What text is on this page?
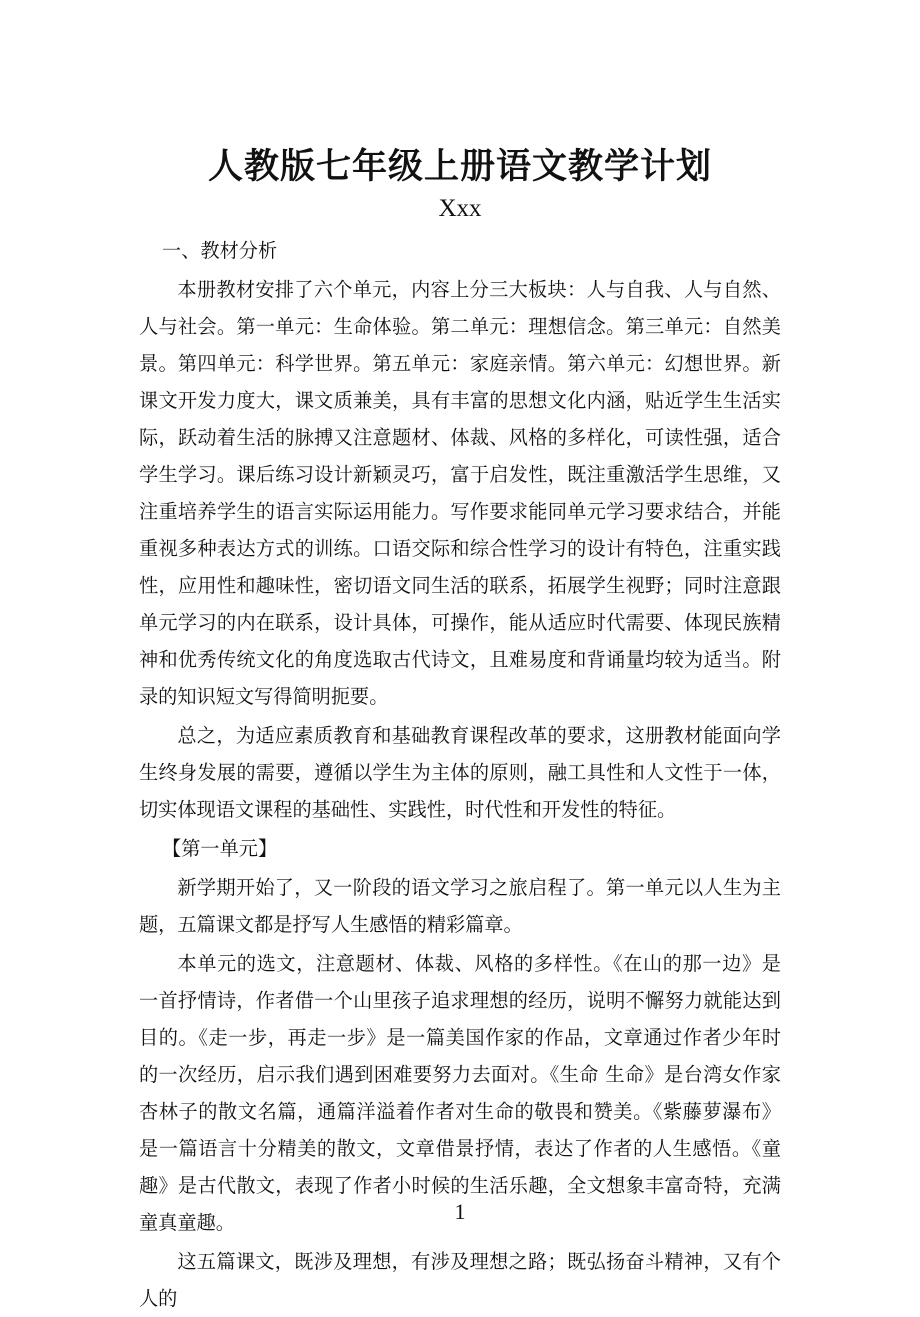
人教版七年级上册语文教学计划
Xxx

一、教材分析

本册教材安排了六个单元，内容上分三大板块：人与自我、人与自然、人与社会。第一单元：生命体验。第二单元：理想信念。第三单元：自然美景。第四单元：科学世界。第五单元：家庭亲情。第六单元：幻想世界。新课文开发力度大，课文质兼美，具有丰富的思想文化内涵，贴近学生生活实际，跃动着生活的脉搏又注意题材、体裁、风格的多样化，可读性强，适合学生学习。课后练习设计新颖灵巧，富于启发性，既注重激活学生思维，又注重培养学生的语言实际运用能力。写作要求能同单元学习要求结合，并能重视多种表达方式的训练。口语交际和综合性学习的设计有特色，注重实践性，应用性和趣味性，密切语文同生活的联系，拓展学生视野；同时注意跟单元学习的内在联系，设计具体，可操作，能从适应时代需要、体现民族精神和优秀传统文化的角度选取古代诗文，且难易度和背诵量均较为适当。附录的知识短文写得简明扼要。

总之，为适应素质教育和基础教育课程改革的要求，这册教材能面向学生终身发展的需要，遵循以学生为主体的原则，融工具性和人文性于一体，切实体现语文课程的基础性、实践性，时代性和开发性的特征。

【第一单元】

新学期开始了，又一阶段的语文学习之旅启程了。第一单元以人生为主题，五篇课文都是抒写人生感悟的精彩篇章。

本单元的选文，注意题材、体裁、风格的多样性。《在山的那一边》是一首抒情诗，作者借一个山里孩子追求理想的经历，说明不懈努力就能达到目的。《走一步，再走一步》是一篇美国作家的作品，文章通过作者少年时的一次经历，启示我们遇到困难要努力去面对。《生命 生命》是台湾女作家杏林子的散文名篇，通篇洋溢着作者对生命的敬畏和赞美。《紫藤萝瀑布》是一篇语言十分精美的散文，文章借景抒情，表达了作者的人生感悟。《童趣》是古代散文，表现了作者小时候的生活乐趣，全文想象丰富奇特，充满童真童趣。

这五篇课文，既涉及理想，有涉及理想之路；既弘扬奋斗精神，又有个人的

1
